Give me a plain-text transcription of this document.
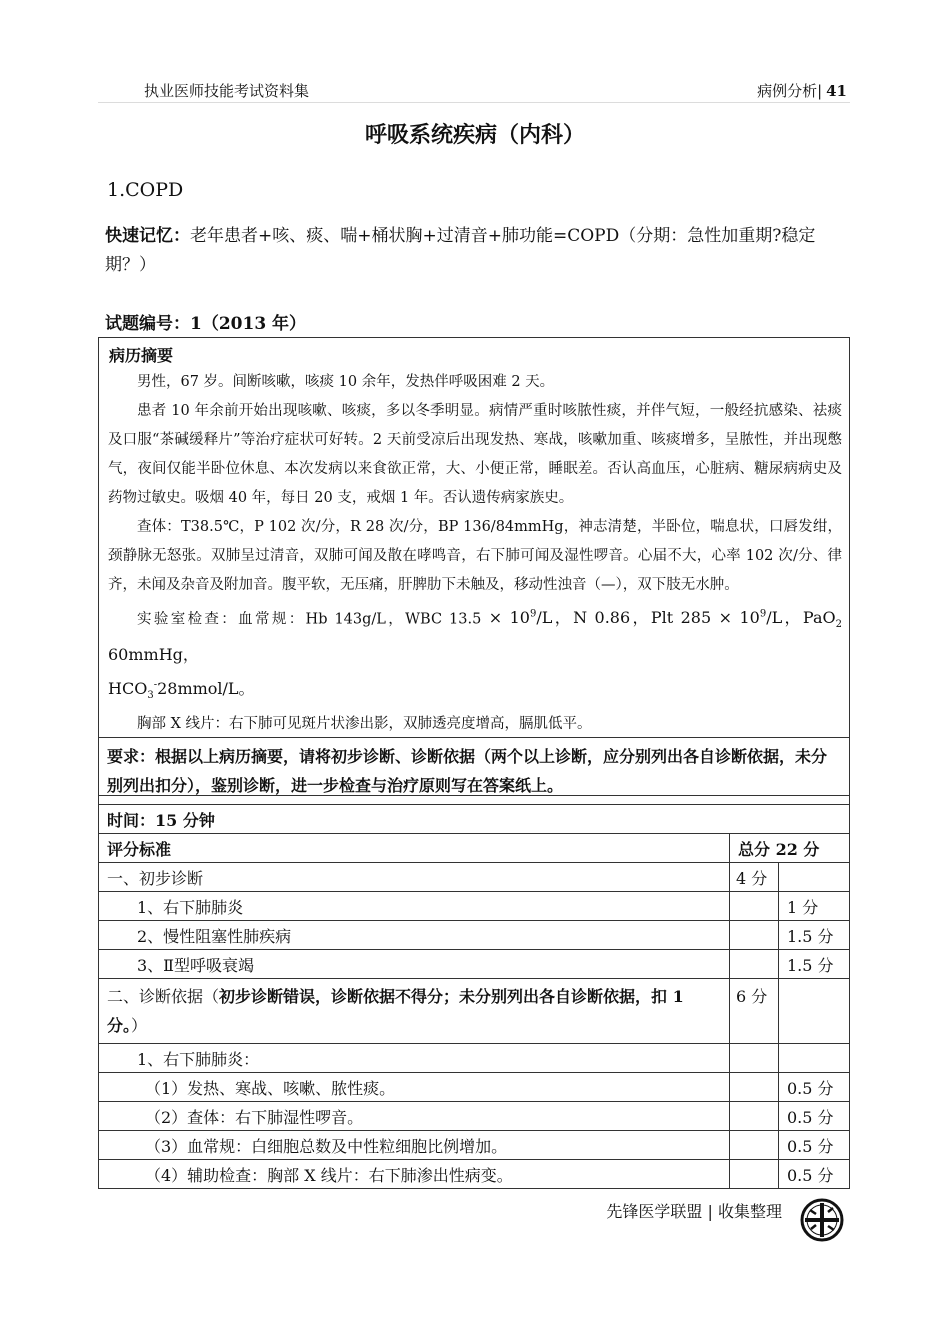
执业医师技能考试资料集	病例分析| 41
呼吸系统疾病（内科）
1.COPD
快速记忆：老年患者+咳、痰、喘+桶状胸+过清音+肺功能=COPD（分期：急性加重期?稳定期？）
试题编号：1（2013 年）
病历摘要

男性，67 岁。间断咳嗽，咳痰 10 余年，发热伴呼吸困难 2 天。

患者 10 年余前开始出现咳嗽、咳痰，多以冬季明显。病情严重时咳脓性痰，并伴气短，一般经抗感染、祛痰及口服“茶碱缓释片”等治疗症状可好转。2 天前受凉后出现发热、寒战，咳嗽加重、咳痰增多，呈脓性，并出现憋气，夜间仅能半卧位休息、本次发病以来食欲正常，大、小便正常，睡眠差。否认高血压，心脏病、糖尿病病史及药物过敏史。吸烟 40 年，每日 20 支，戒烟 1 年。否认遗传病家族史。

查体：T38.5℃，P 102 次/分，R 28 次/分，BP 136/84mmHg，神志清楚，半卧位，喘息状，口唇发绀，颈静脉无怒张。双肺呈过清音，双肺可闻及散在哮鸣音，右下肺可闻及湿性啰音。心届不大，心率 102 次/分、律齐，未闻及杂音及附加音。腹平软，无压痛，肝脾肋下未触及，移动性浊音（—），双下肢无水肿。

实验室检查：血常规：Hb 143g/L，WBC $13.5 \times 10^9/L$，N 0.86，Plt $285 \times 10^9/L$，PaO$_2$ 60mmHg，

$HCO_3^-28mmol/L$。

胸部 X 线片：右下肺可见斑片状渗出影，双肺透亮度增高，膈肌低平。

要求：根据以上病历摘要，请将初步诊断、诊断依据（两个以上诊断，应分别列出各自诊断依据，未分别列出扣分），鉴别诊断，进一步检查与治疗原则写在答案纸上。		
时间：15 分钟		
评分标准	总分 22 分	
一、初步诊断	4 分	
1、右下肺肺炎		1 分
2、慢性阻塞性肺疾病		1.5 分
3、Ⅱ型呼吸衰竭		1.5 分
二、诊断依据（初步诊断错误，诊断依据不得分；未分别列出各自诊断依据，扣 1 分。）	6 分	
1、右下肺肺炎：		
（1）发热、寒战、咳嗽、脓性痰。		0.5 分
（2）查体：右下肺湿性啰音。		0.5 分
（3）血常规：白细胞总数及中性粒细胞比例增加。		0.5 分
（4）辅助检查：胸部 X 线片：右下肺渗出性病变。		0.5 分
先锋医学联盟 | 收集整理
